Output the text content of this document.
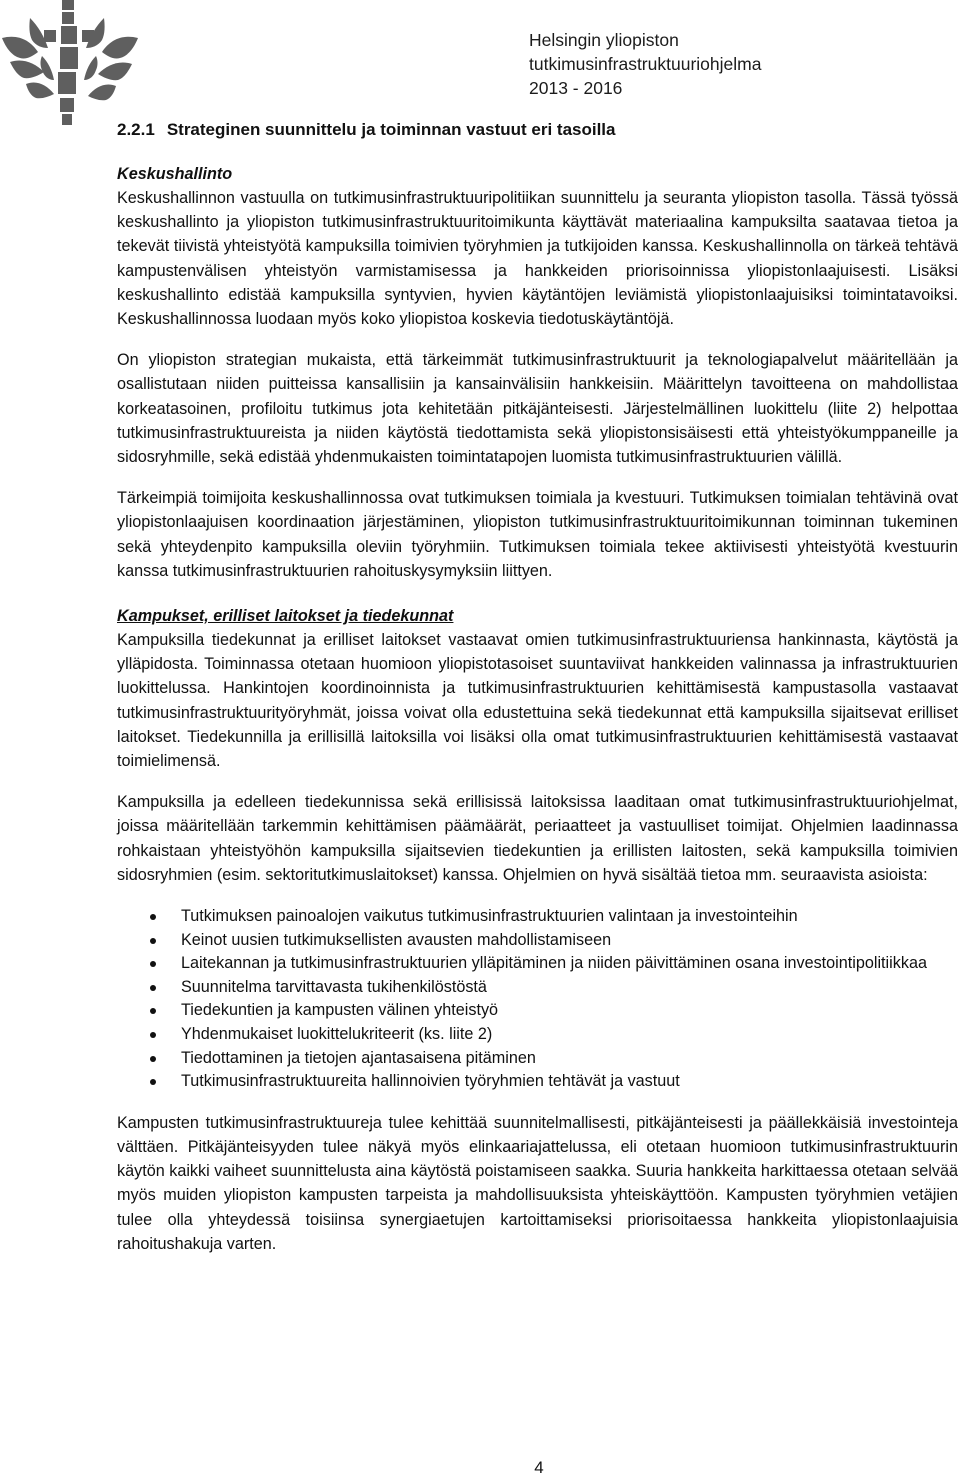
Helsingin yliopiston
tutkimusinfrastruktuuriohjelma
2013 - 2016
2.2.1 Strateginen suunnittelu ja toiminnan vastuut eri tasoilla
Keskushallinto

Keskushallinnon vastuulla on tutkimusinfrastruktuuripolitiikan suunnittelu ja seuranta yliopiston tasolla. Tässä työssä keskushallinto ja yliopiston tutkimusinfrastruktuuritoimikunta käyttävät materiaalina kampuksilta saatavaa tietoa ja tekevät tiivistä yhteistyötä kampuksilla toimivien työryhmien ja tutkijoiden kanssa. Keskushallinnolla on tärkeä tehtävä kampustenvälisen yhteistyön varmistamisessa ja hankkeiden priorisoinnissa yliopistonlaajuisesti. Lisäksi keskushallinto edistää kampuksilla syntyvien, hyvien käytäntöjen leviämistä yliopistonlaajuisiksi toimintatavoiksi. Keskushallinnossa luodaan myös koko yliopistoa koskevia tiedotuskäytäntöjä.

On yliopiston strategian mukaista, että tärkeimmät tutkimusinfrastruktuurit ja teknologiapalvelut määritellään ja osallistutaan niiden puitteissa kansallisiin ja kansainvälisiin hankkeisiin. Määrittelyn tavoitteena on mahdollistaa korkeatasoinen, profiloitu tutkimus jota kehitetään pitkäjänteisesti. Järjestelmällinen luokittelu (liite 2) helpottaa tutkimusinfrastruktuureista ja niiden käytöstä tiedottamista sekä yliopistonsisäisesti että yhteistyökumppaneille ja sidosryhmille, sekä edistää yhdenmukaisten toimintatapojen luomista tutkimusinfrastruktuurien välillä.

Tärkeimpiä toimijoita keskushallinnossa ovat tutkimuksen toimiala ja kvestuuri. Tutkimuksen toimialan tehtävinä ovat yliopistonlaajuisen koordinaation järjestäminen, yliopiston tutkimusinfrastruktuuritoimikunnan toiminnan tukeminen sekä yhteydenpito kampuksilla oleviin työryhmiin. Tutkimuksen toimiala tekee aktiivisesti yhteistyötä kvestuurin kanssa tutkimusinfrastruktuurien rahoituskysymyksiin liittyen.

Kampukset, erilliset laitokset ja tiedekunnat

Kampuksilla tiedekunnat ja erilliset laitokset vastaavat omien tutkimusinfrastruktuuriensa hankinnasta, käytöstä ja ylläpidosta. Toiminnassa otetaan huomioon yliopistotasoiset suuntaviivat hankkeiden valinnassa ja infrastruktuurien luokittelussa. Hankintojen koordinoinnista ja tutkimusinfrastruktuurien kehittämisestä kampustasolla vastaavat tutkimusinfrastruktuurityöryhmät, joissa voivat olla edustettuina sekä tiedekunnat että kampuksilla sijaitsevat erilliset laitokset. Tiedekunnilla ja erillisillä laitoksilla voi lisäksi olla omat tutkimusinfrastruktuurien kehittämisestä vastaavat toimielimensä.

Kampuksilla ja edelleen tiedekunnissa sekä erillisissä laitoksissa laaditaan omat tutkimusinfrastruktuuriohjelmat, joissa määritellään tarkemmin kehittämisen päämäärät, periaatteet ja vastuulliset toimijat. Ohjelmien laadinnassa rohkaistaan yhteistyöhön kampuksilla sijaitsevien tiedekuntien ja erillisten laitosten, sekä kampuksilla toimivien sidosryhmien (esim. sektoritutkimuslaitokset) kanssa. Ohjelmien on hyvä sisältää tietoa mm. seuraavista asioista:

Tutkimuksen painoalojen vaikutus tutkimusinfrastruktuurien valintaan ja investointeihin
Keinot uusien tutkimuksellisten avausten mahdollistamiseen
Laitekannan ja tutkimusinfrastruktuurien ylläpitäminen ja niiden päivittäminen osana investointipolitiikkaa
Suunnitelma tarvittavasta tukihenkilöstöstä
Tiedekuntien ja kampusten välinen yhteistyö
Yhdenmukaiset luokittelukriteerit (ks. liite 2)
Tiedottaminen ja tietojen ajantasaisena pitäminen
Tutkimusinfrastruktuureita hallinnoivien työryhmien tehtävät ja vastuut

Kampusten tutkimusinfrastruktuureja tulee kehittää suunnitelmallisesti, pitkäjänteisesti ja päällekkäisiä investointeja välttäen. Pitkäjänteisyyden tulee näkyä myös elinkaariajattelussa, eli otetaan huomioon tutkimusinfrastruktuurin käytön kaikki vaiheet suunnittelusta aina käytöstä poistamiseen saakka. Suuria hankkeita harkittaessa otetaan selvää myös muiden yliopiston kampusten tarpeista ja mahdollisuuksista yhteiskäyttöön. Kampusten työryhmien vetäjien tulee olla yhteydessä toisiinsa synergiaetujen kartoittamiseksi priorisoitaessa hankkeita yliopistonlaajuisia rahoitushakuja varten.

4
